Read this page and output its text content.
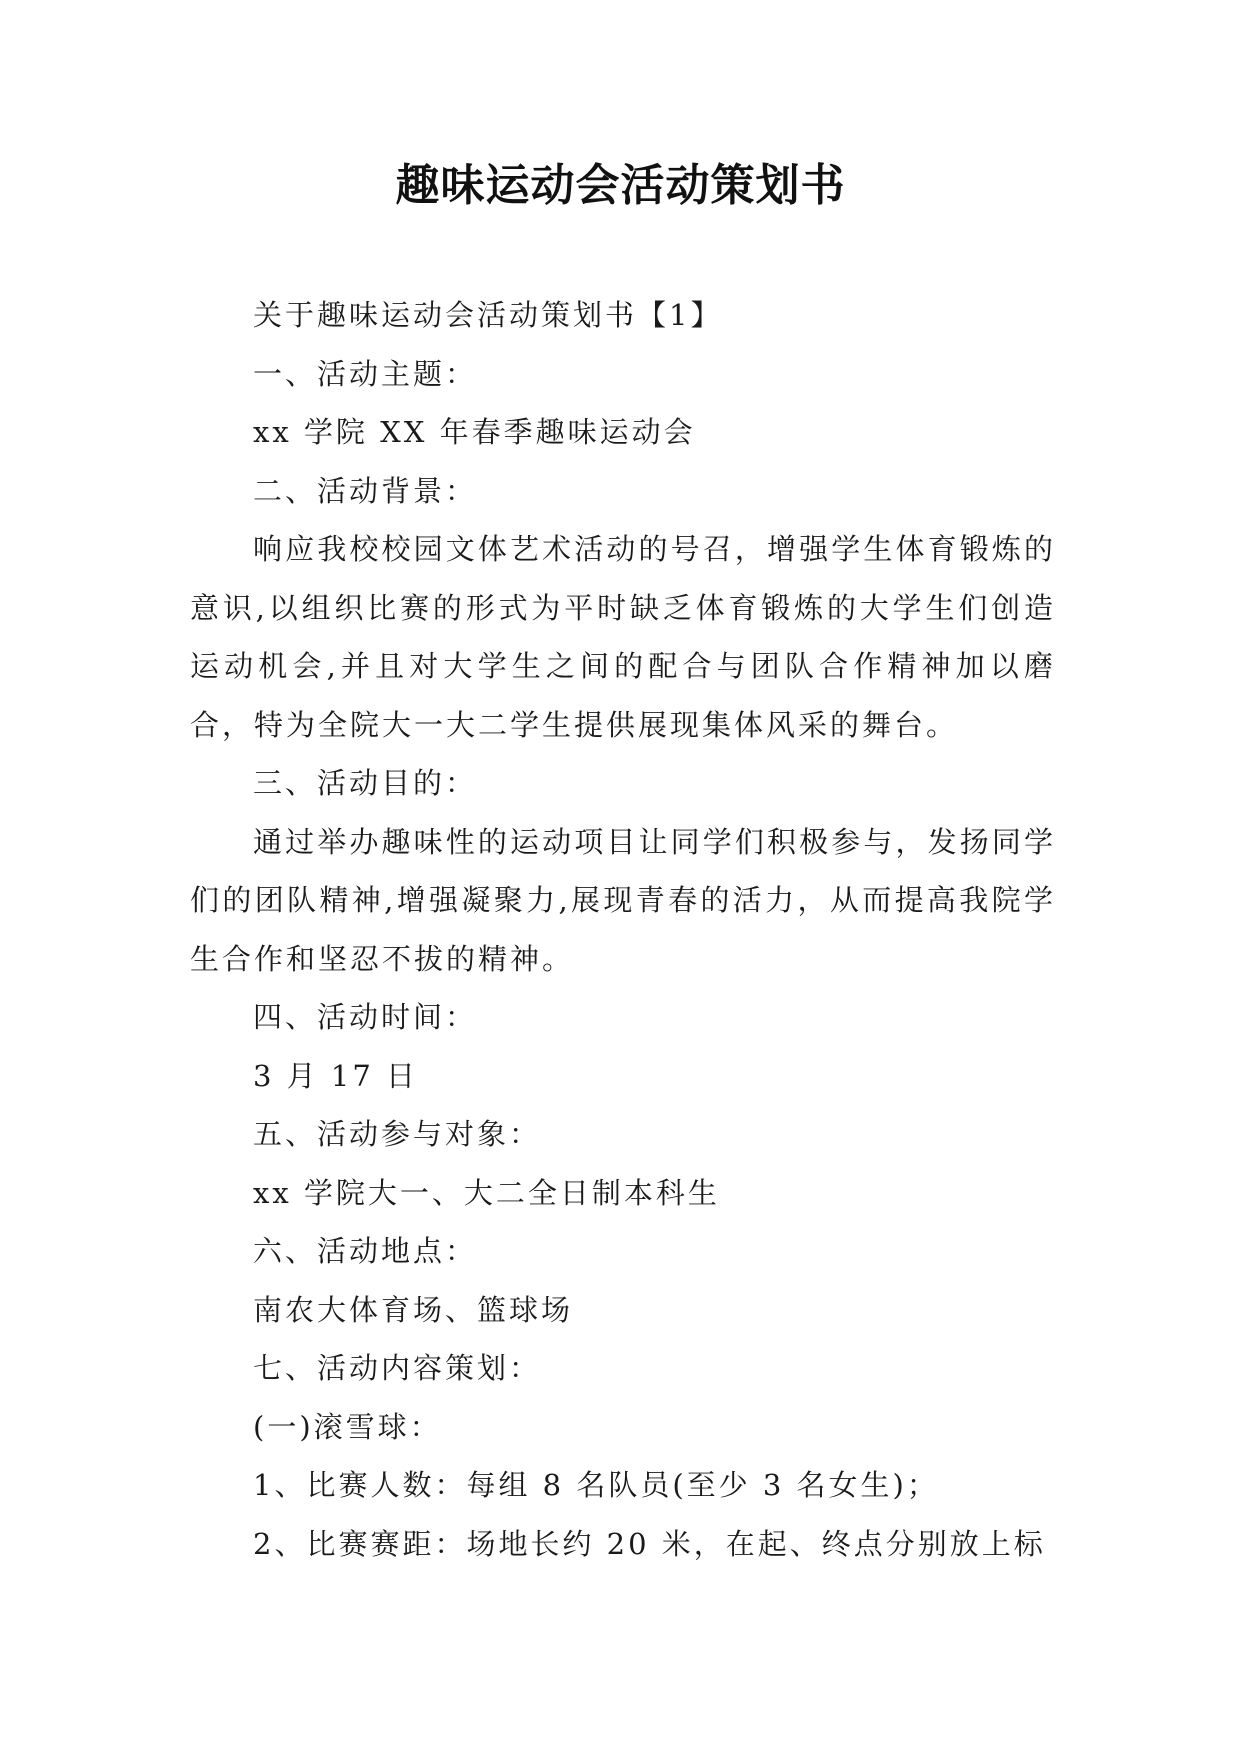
趣味运动会活动策划书

关于趣味运动会活动策划书【1】

一、活动主题：

xx 学院 XX 年春季趣味运动会

二、活动背景：

响应我校校园文体艺术活动的号召，增强学生体育锻炼的意识,以组织比赛的形式为平时缺乏体育锻炼的大学生们创造运动机会,并且对大学生之间的配合与团队合作精神加以磨合，特为全院大一大二学生提供展现集体风采的舞台。

三、活动目的：

通过举办趣味性的运动项目让同学们积极参与，发扬同学们的团队精神,增强凝聚力,展现青春的活力，从而提高我院学生合作和坚忍不拔的精神。

四、活动时间：

3 月 17 日

五、活动参与对象：

xx 学院大一、大二全日制本科生

六、活动地点：

南农大体育场、篮球场

七、活动内容策划：

(一)滚雪球：

1、比赛人数：每组 8 名队员(至少 3 名女生)；

2、比赛赛距：场地长约 20 米，在起、终点分别放上标
